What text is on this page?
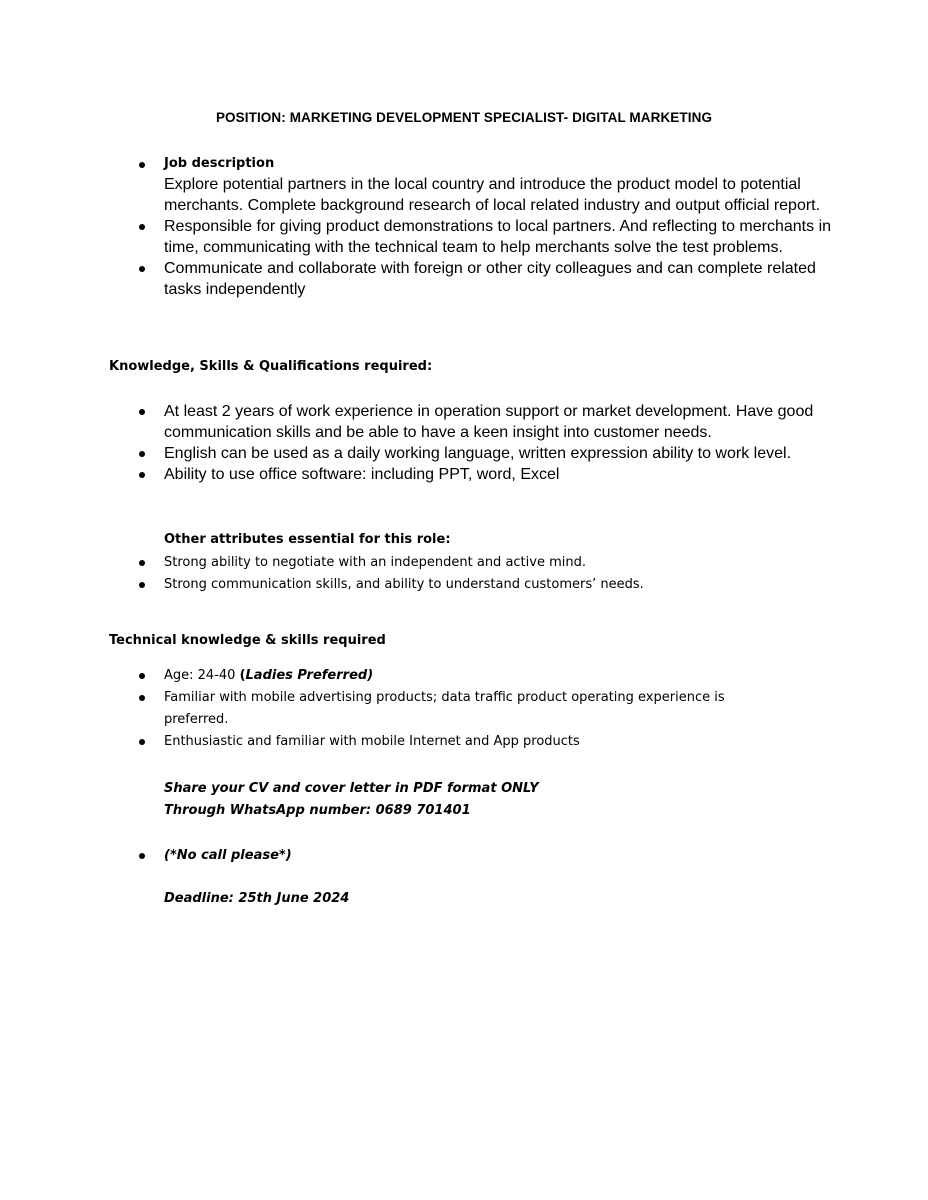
POSITION: MARKETING DEVELOPMENT SPECIALIST- DIGITAL MARKETING
Job description
Explore potential partners in the local country and introduce the product model to potential merchants. Complete background research of local related industry and output official report.
Responsible for giving product demonstrations to local partners. And reflecting to merchants in time, communicating with the technical team to help merchants solve the test problems.
Communicate and collaborate with foreign or other city colleagues and can complete related tasks independently
Knowledge, Skills & Qualifications required:
At least 2 years of work experience in operation support or market development. Have good communication skills and be able to have a keen insight into customer needs.
English can be used as a daily working language, written expression ability to work level.
Ability to use office software: including PPT, word, Excel
Other attributes essential for this role:
Strong ability to negotiate with an independent and active mind.
Strong communication skills, and ability to understand customers’ needs.
Technical knowledge & skills required
Age: 24-40 (Ladies Preferred)
Familiar with mobile advertising products; data traffic product operating experience is preferred.
Enthusiastic and familiar with mobile Internet and App products

Share your CV and cover letter in PDF format ONLY

Through WhatsApp number: 0689 701401

(*No call please*)

Deadline: 25th June 2024
